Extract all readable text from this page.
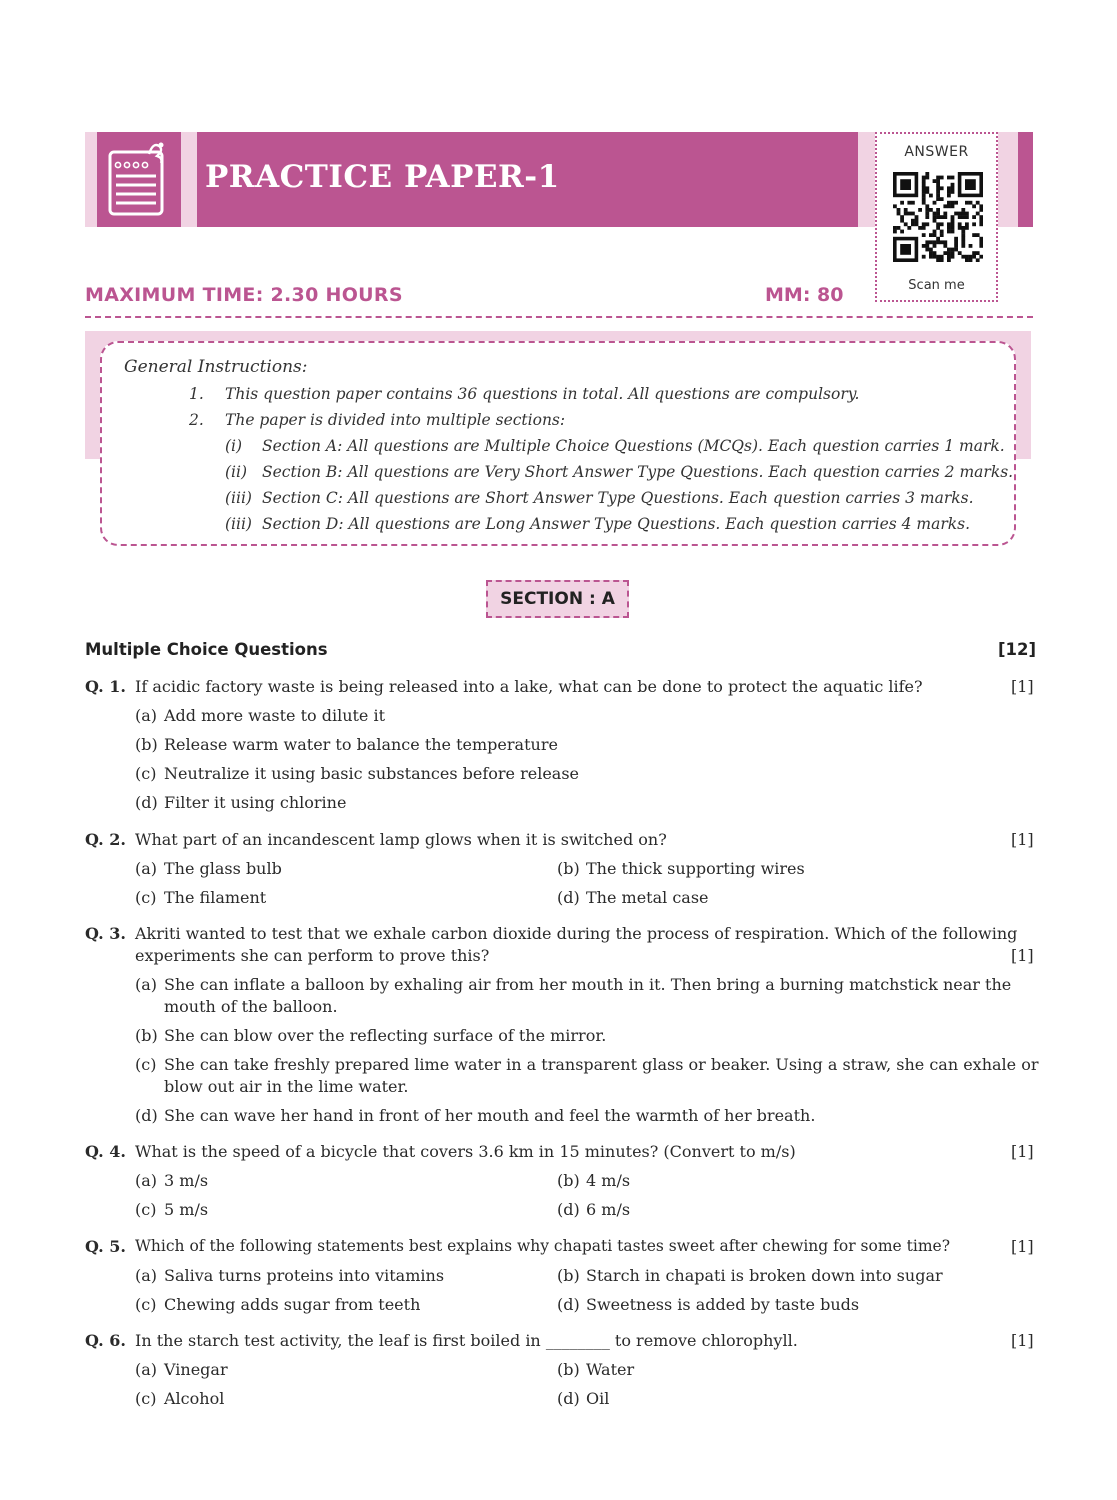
PRACTICE PAPER-1
ANSWER
Scan me
MAXIMUM TIME: 2.30 HOURS	MM: 80
General Instructions:
1. This question paper contains 36 questions in total. All questions are compulsory.
2. The paper is divided into multiple sections:
(i) Section A: All questions are Multiple Choice Questions (MCQs). Each question carries 1 mark.
(ii) Section B: All questions are Very Short Answer Type Questions. Each question carries 2 marks.
(iii) Section C: All questions are Short Answer Type Questions. Each question carries 3 marks.
(iii) Section D: All questions are Long Answer Type Questions. Each question carries 4 marks.
SECTION : A
Multiple Choice Questions	[12]
Q. 1. If acidic factory waste is being released into a lake, what can be done to protect the aquatic life?	[1]
(a) Add more waste to dilute it
(b) Release warm water to balance the temperature
(c) Neutralize it using basic substances before release
(d) Filter it using chlorine
Q. 2. What part of an incandescent lamp glows when it is switched on?	[1]
(a) The glass bulb	(b) The thick supporting wires
(c) The filament	(d) The metal case
Q. 3. Akriti wanted to test that we exhale carbon dioxide during the process of respiration. Which of the following
experiments she can perform to prove this?	[1]
(a) She can inflate a balloon by exhaling air from her mouth in it. Then bring a burning matchstick near the
mouth of the balloon.
(b) She can blow over the reflecting surface of the mirror.
(c) She can take freshly prepared lime water in a transparent glass or beaker. Using a straw, she can exhale or
blow out air in the lime water.
(d) She can wave her hand in front of her mouth and feel the warmth of her breath.
Q. 4. What is the speed of a bicycle that covers 3.6 km in 15 minutes? (Convert to m/s)	[1]
(a) 3 m/s	(b) 4 m/s
(c) 5 m/s	(d) 6 m/s
Q. 5. Which of the following statements best explains why chapati tastes sweet after chewing for some time?	[1]
(a) Saliva turns proteins into vitamins	(b) Starch in chapati is broken down into sugar
(c) Chewing adds sugar from teeth	(d) Sweetness is added by taste buds
Q. 6. In the starch test activity, the leaf is first boiled in ________ to remove chlorophyll.	[1]
(a) Vinegar	(b) Water
(c) Alcohol	(d) Oil
